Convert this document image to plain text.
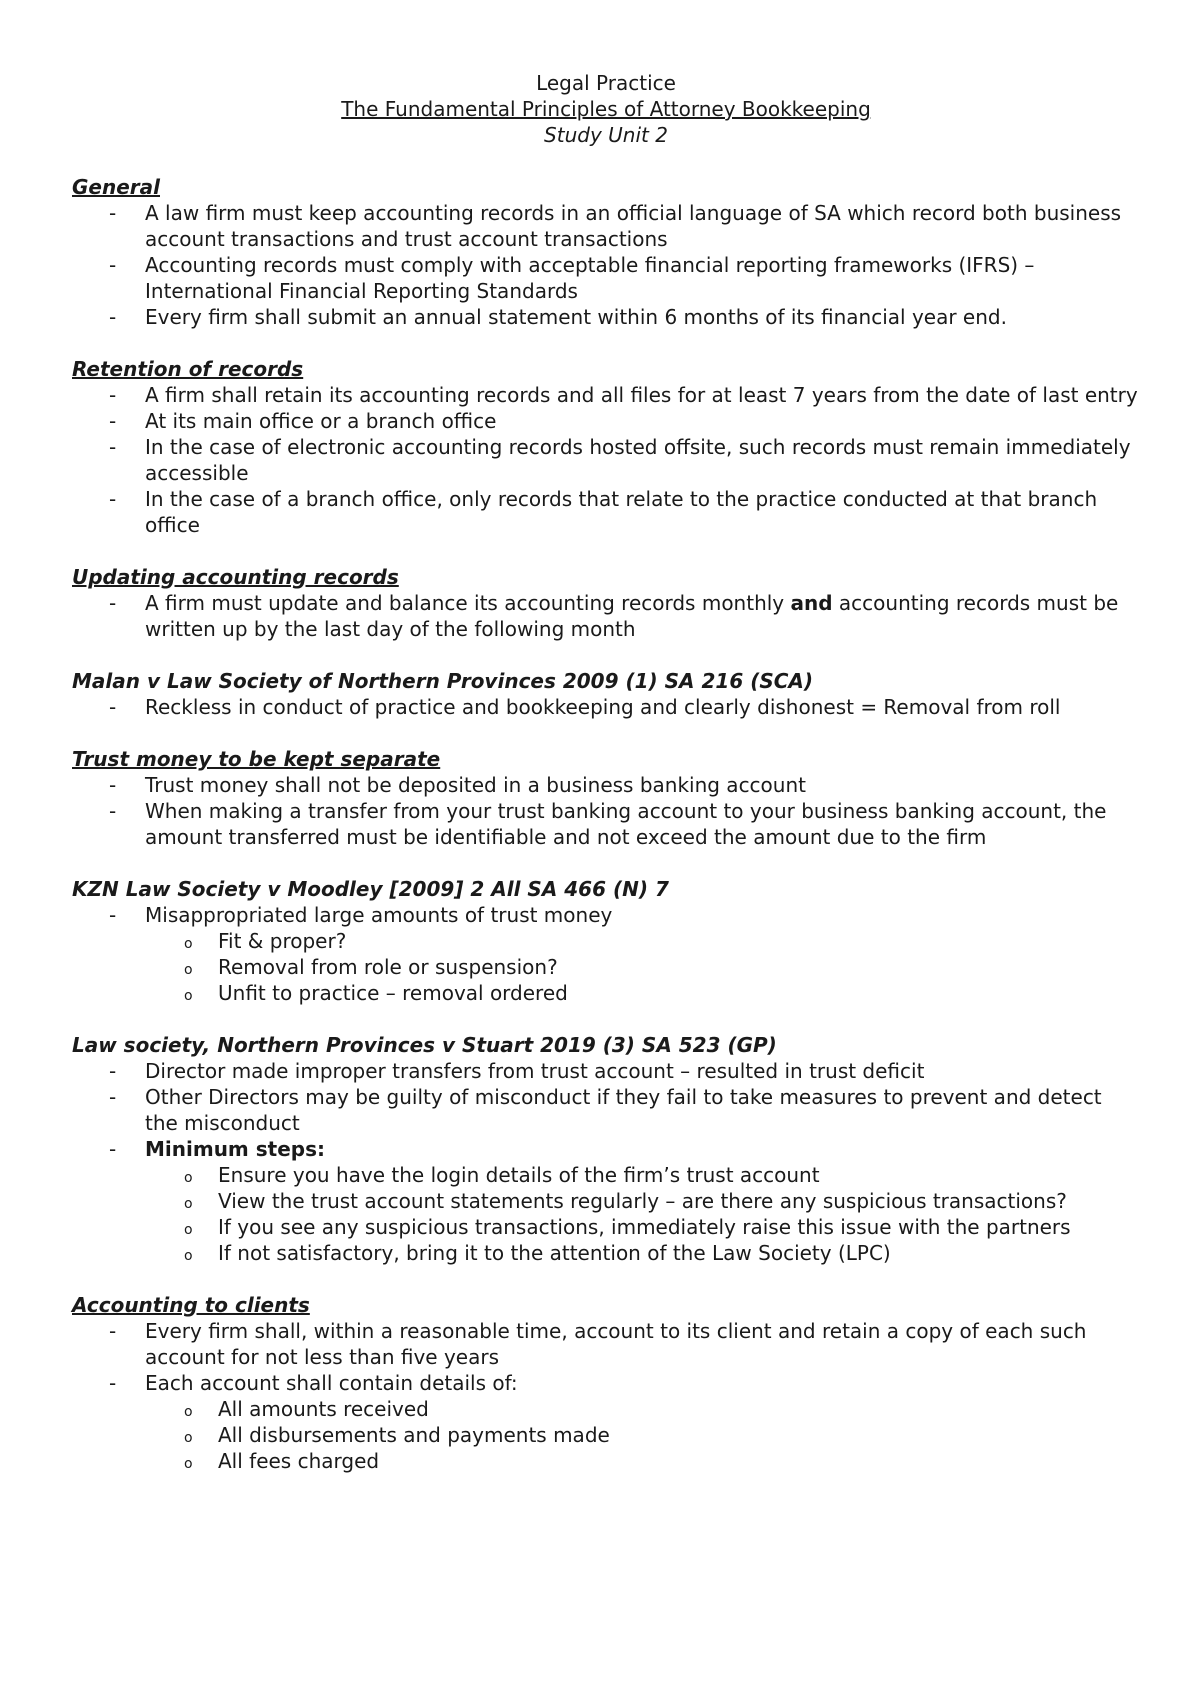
Legal Practice
The Fundamental Principles of Attorney Bookkeeping
Study Unit 2
General
- A law firm must keep accounting records in an official language of SA which record both business account transactions and trust account transactions
- Accounting records must comply with acceptable financial reporting frameworks (IFRS) – International Financial Reporting Standards
- Every firm shall submit an annual statement within 6 months of its financial year end.
Retention of records
- A firm shall retain its accounting records and all files for at least 7 years from the date of last entry
- At its main office or a branch office
- In the case of electronic accounting records hosted offsite, such records must remain immediately accessible
- In the case of a branch office, only records that relate to the practice conducted at that branch office
Updating accounting records
- A firm must update and balance its accounting records monthly and accounting records must be written up by the last day of the following month
Malan v Law Society of Northern Provinces 2009 (1) SA 216 (SCA)
- Reckless in conduct of practice and bookkeeping and clearly dishonest = Removal from roll
Trust money to be kept separate
- Trust money shall not be deposited in a business banking account
- When making a transfer from your trust banking account to your business banking account, the amount transferred must be identifiable and not exceed the amount due to the firm
KZN Law Society v Moodley [2009] 2 All SA 466 (N) 7
- Misappropriated large amounts of trust money
o Fit & proper?
o Removal from role or suspension?
o Unfit to practice – removal ordered
Law society, Northern Provinces v Stuart 2019 (3) SA 523 (GP)
- Director made improper transfers from trust account – resulted in trust deficit
- Other Directors may be guilty of misconduct if they fail to take measures to prevent and detect the misconduct
- Minimum steps:
o Ensure you have the login details of the firm’s trust account
o View the trust account statements regularly – are there any suspicious transactions?
o If you see any suspicious transactions, immediately raise this issue with the partners
o If not satisfactory, bring it to the attention of the Law Society (LPC)
Accounting to clients
- Every firm shall, within a reasonable time, account to its client and retain a copy of each such account for not less than five years
- Each account shall contain details of:
o All amounts received
o All disbursements and payments made
o All fees charged
